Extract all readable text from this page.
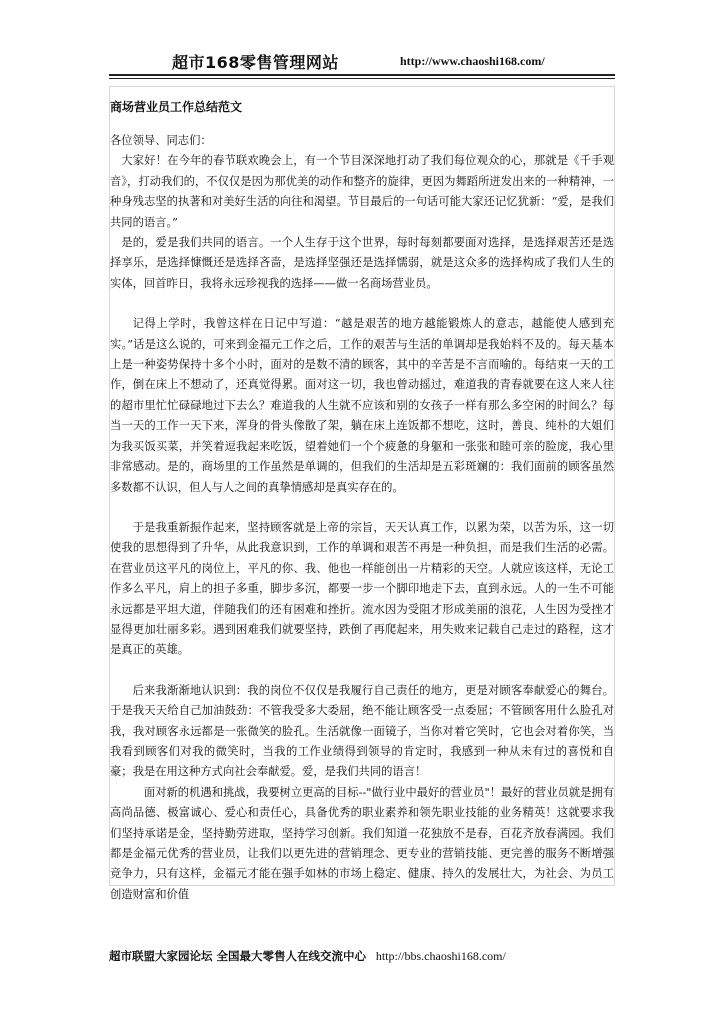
超市168零售管理网站	http://www.chaoshi168.com/
商场营业员工作总结范文

各位领导、同志们：

大家好！在今年的春节联欢晚会上，有一个节目深深地打动了我们每位观众的心，那就是《千手观音》，打动我们的，不仅仅是因为那优美的动作和整齐的旋律，更因为舞蹈所迸发出来的一种精神，一种身残志坚的执著和对美好生活的向往和渴望。节目最后的一句话可能大家还记忆犹新：“爱，是我们共同的语言。”

是的，爱是我们共同的语言。一个人生存于这个世界，每时每刻都要面对选择，是选择艰苦还是选择享乐，是选择慷慨还是选择吝啬，是选择坚强还是选择懦弱，就是这众多的选择构成了我们人生的实体，回首昨日，我将永远珍视我的选择——做一名商场营业员。

记得上学时，我曾这样在日记中写道：“越是艰苦的地方越能锻炼人的意志，越能使人感到充实。”话是这么说的，可来到金福元工作之后，工作的艰苦与生活的单调却是我始料不及的。每天基本上是一种姿势保持十多个小时，面对的是数不清的顾客，其中的辛苦是不言而喻的。每结束一天的工作，倒在床上不想动了，还真觉得累。面对这一切，我也曾动摇过，难道我的青春就要在这人来人往的超市里忙忙碌碌地过下去么？难道我的人生就不应该和别的女孩子一样有那么多空闲的时间么？每当一天的工作一天下来，浑身的骨头像散了架，躺在床上连饭都不想吃，这时，善良、纯朴的大姐们为我买饭买菜，并笑着逗我起来吃饭，望着她们一个个疲惫的身躯和一张张和睦可亲的脸庞，我心里非常感动。是的，商场里的工作虽然是单调的，但我们的生活却是五彩斑斓的：我们面前的顾客虽然多数都不认识，但人与人之间的真挚情感却是真实存在的。

于是我重新振作起来，坚持顾客就是上帝的宗旨，天天认真工作，以累为荣，以苦为乐，这一切使我的思想得到了升华，从此我意识到，工作的单调和艰苦不再是一种负担，而是我们生活的必需。在营业员这平凡的岗位上，平凡的你、我、他也一样能创出一片精彩的天空。人就应该这样，无论工作多么平凡，肩上的担子多重，脚步多沉，都要一步一个脚印地走下去，直到永远。人的一生不可能永远都是平坦大道，伴随我们的还有困难和挫折。流水因为受阻才形成美丽的浪花，人生因为受挫才显得更加壮丽多彩。遇到困难我们就要坚持，跌倒了再爬起来，用失败来记载自己走过的路程，这才是真正的英雄。

后来我渐渐地认识到：我的岗位不仅仅是我履行自己责任的地方，更是对顾客奉献爱心的舞台。于是我天天给自己加油鼓劲：不管我受多大委屈，绝不能让顾客受一点委屈；不管顾客用什么脸孔对我，我对顾客永远都是一张微笑的脸孔。生活就像一面镜子，当你对着它笑时，它也会对着你笑，当我看到顾客们对我的微笑时，当我的工作业绩得到领导的肯定时，我感到一种从未有过的喜悦和自豪；我是在用这种方式向社会奉献爱。爱，是我们共同的语言！

面对新的机遇和挑战，我要树立更高的目标--"做行业中最好的营业员"！最好的营业员就是拥有高尚品德、极富诚心、爱心和责任心，具备优秀的职业素养和领先职业技能的业务精英！这就要求我们坚持承诺是金，坚持勤劳进取，坚持学习创新。我们知道一花独放不是春，百花齐放春满园。我们都是金福元优秀的营业员，让我们以更先进的营销理念、更专业的营销技能、更完善的服务不断增强竞争力，只有这样，金福元才能在强手如林的市场上稳定、健康、持久的发展壮大，为社会、为员工创造财富和价值

超市联盟大家园论坛 全国最大零售人在线交流中心 http://bbs.chaoshi168.com/
